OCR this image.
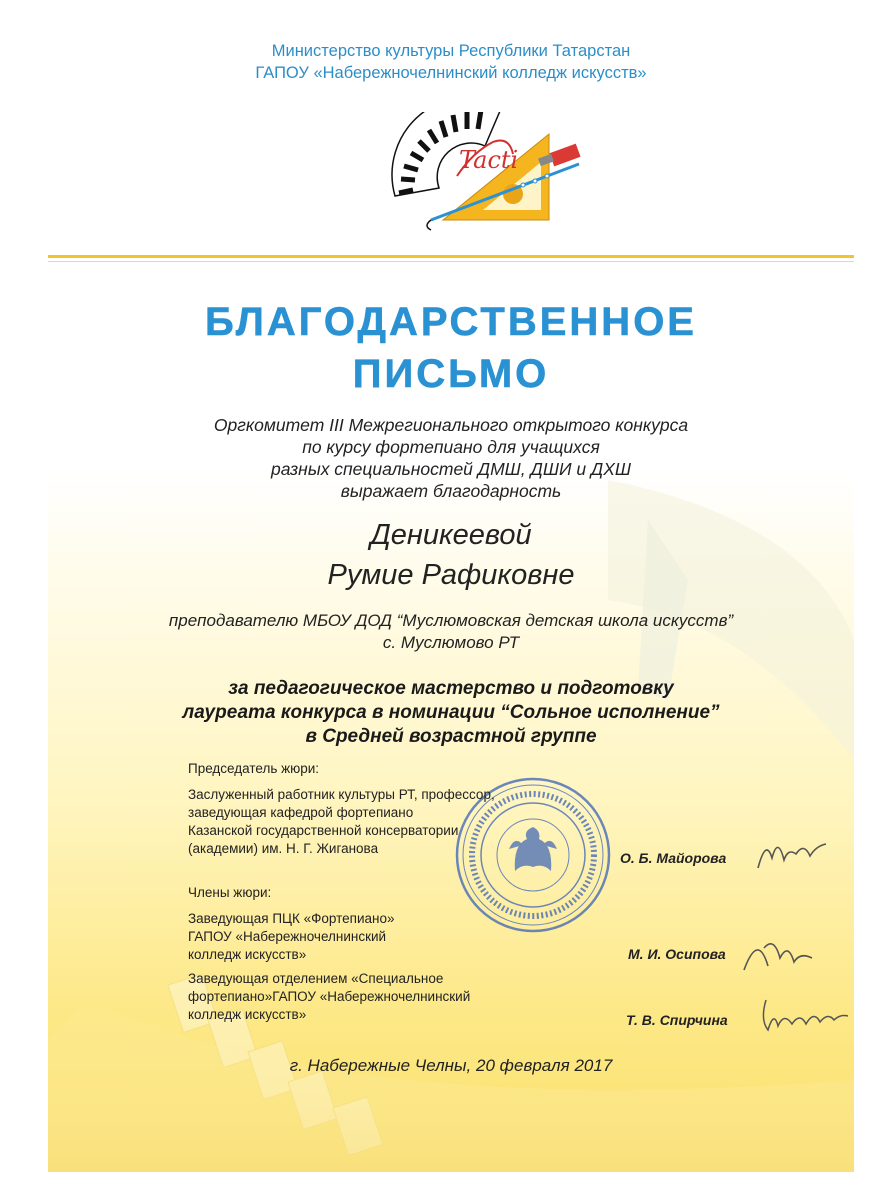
Министерство культуры Республики Татарстан
ГАПОУ «Набережночелнинский колледж искусств»
Tacti
БЛАГОДАРСТВЕННОЕ
ПИСЬМО
Оргкомитет III Межрегионального открытого конкурса
по курсу фортепиано для учащихся
разных специальностей ДМШ, ДШИ и ДХШ
выражает благодарность
Деникеевой
Румие Рафиковне
преподавателю МБОУ ДОД “Муслюмовская детская школа искусств”
с. Муслюмово РТ
за педагогическое мастерство и подготовку
лауреата конкурса в номинации “Сольное исполнение”
в Средней возрастной группе
Председатель жюри:
Заслуженный работник культуры РТ, профессор,
заведующая кафедрой фортепиано
Казанской государственной консерватории
(академии) им. Н. Г. Жиганова
О. Б. Майорова
Члены жюри:
Заведующая ПЦК «Фортепиано»
ГАПОУ «Набережночелнинский
колледж искусств»
Заведующая отделением «Специальное
фортепиано»ГАПОУ «Набережночелнинский
колледж искусств»
М. И. Осипова
Т. В. Спирчина
г. Набережные Челны, 20 февраля 2017
